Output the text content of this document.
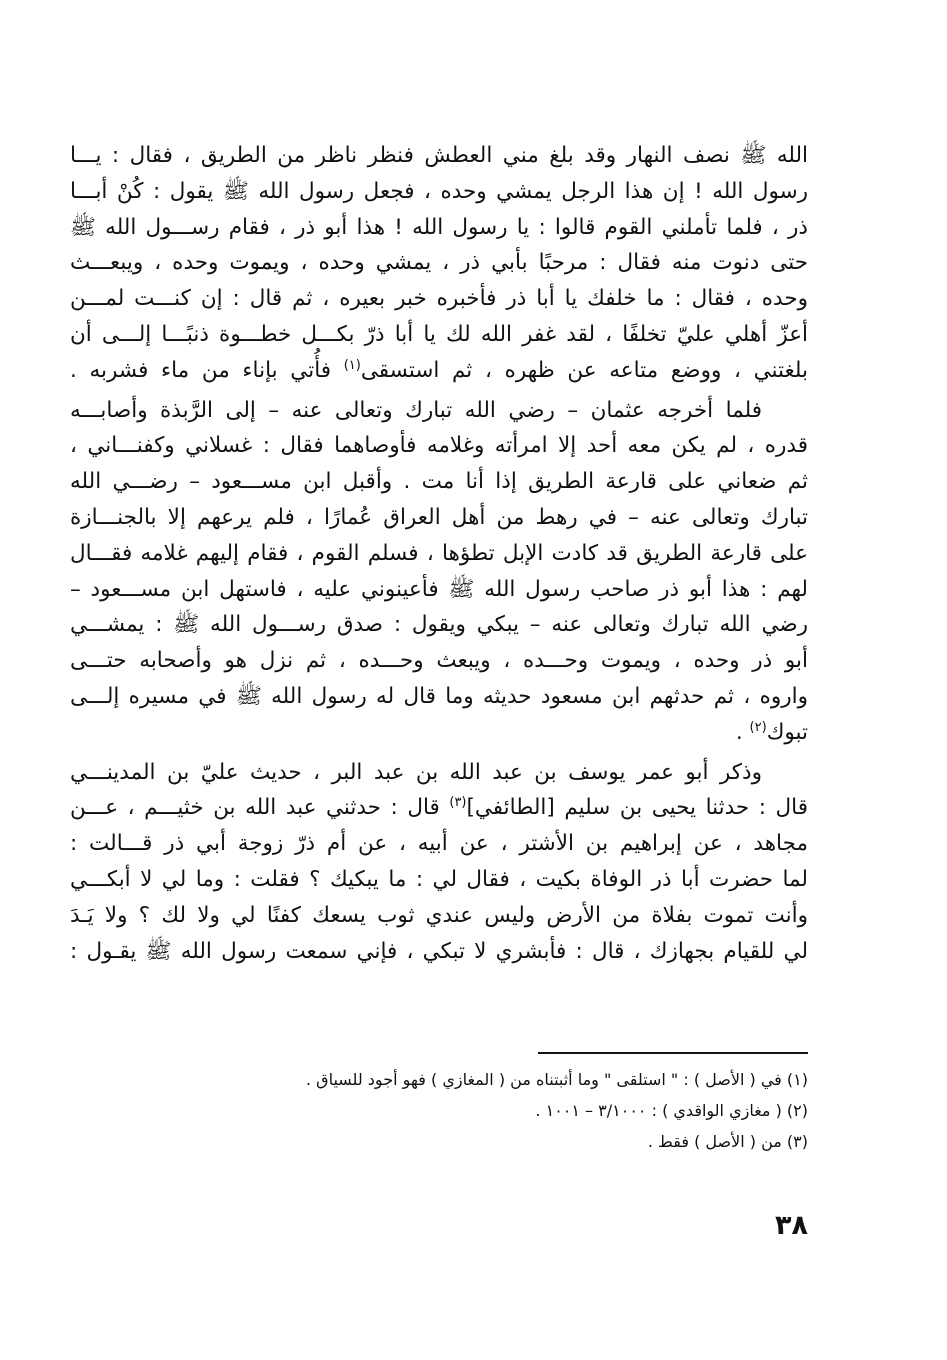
الله ﷺ نصف النهار وقد بلغ مني العطش فنظر ناظر من الطريق ، فقال : يـــا
رسول الله ! إن هذا الرجل يمشي وحده ، فجعل رسول الله ﷺ يقول : كُنْ أبـــا
ذر ، فلما تأملني القوم قالوا : يا رسول الله ! هذا أبو ذر ، فقام رســـول الله ﷺ
حتى دنوت منه فقال : مرحبًا بأبي ذر ، يمشي وحده ، ويموت وحده ، ويبعـــث
وحده ، فقال : ما خلفك يا أبا ذر فأخبره خبر بعيره ، ثم قال : إن كنـــت لمـــن
أعزّ أهلي عليّ تخلفًا ، لقد غفر الله لك يا أبا ذرّ بكـــل خطـــوة ذنبًـــا إلـــى أن
بلغتني ، ووضع متاعه عن ظهره ، ثم استسقى$^{(١)}$ فأُتي بإناء من ماء فشربه .
فلما أخرجه عثمان – رضي الله تبارك وتعالى عنه – إلى الرَّبذة وأصابـــه
قدره ، لم يكن معه أحد إلا امرأته وغلامه فأوصاهما فقال : غسلاني وكفنـــاني ،
ثم ضعاني على قارعة الطريق إذا أنا مت . وأقبل ابن مســـعود – رضـــي الله
تبارك وتعالى عنه – في رهط من أهل العراق عُمارًا ، فلم يرعهم إلا بالجنـــازة
على قارعة الطريق قد كادت الإبل تطؤها ، فسلم القوم ، فقام إليهم غلامه فقـــال
لهم : هذا أبو ذر صاحب رسول الله ﷺ فأعينوني عليه ، فاستهل ابن مســـعود –
رضي الله تبارك وتعالى عنه – يبكي ويقول : صدق رســـول الله ﷺ : يمشـــي
أبو ذر وحده ، ويموت وحـــده ، ويبعث وحـــده ، ثم نزل هو وأصحابه حتـــى
واروه ، ثم حدثهم ابن مسعود حديثه وما قال له رسول الله ﷺ في مسيره إلـــى
تبوك$^{(٢)}$ .
وذكر أبو عمر يوسف بن عبد الله بن عبد البر ، حديث عليّ بن المدينـــي
قال : حدثنا يحيى بن سليم [الطائفي]$^{(٣)}$ قال : حدثني عبد الله بن خثيـــم ، عـــن
مجاهد ، عن إبراهيم بن الأشتر ، عن أبيه ، عن أم ذرّ زوجة أبي ذر قـــالت :
لما حضرت أبا ذر الوفاة بكيت ، فقال لي : ما يبكيك ؟ فقلت : وما لي لا أبكـــي
وأنت تموت بفلاة من الأرض وليس عندي ثوب يسعك كفنًا لي ولا لك ؟ ولا يَـدَ
لي للقيام بجهازك ، قال : فأبشري لا تبكي ، فإني سمعت رسول الله ﷺ يقـول :
(١) في ( الأصل ) : " استلقى " وما أثبتناه من ( المغازي ) فهو أجود للسياق .
(٢) ( مغازي الواقدي ) : ٣/١٠٠٠ – ١٠٠١ .
(٣) من ( الأصل ) فقط .
٣٨
